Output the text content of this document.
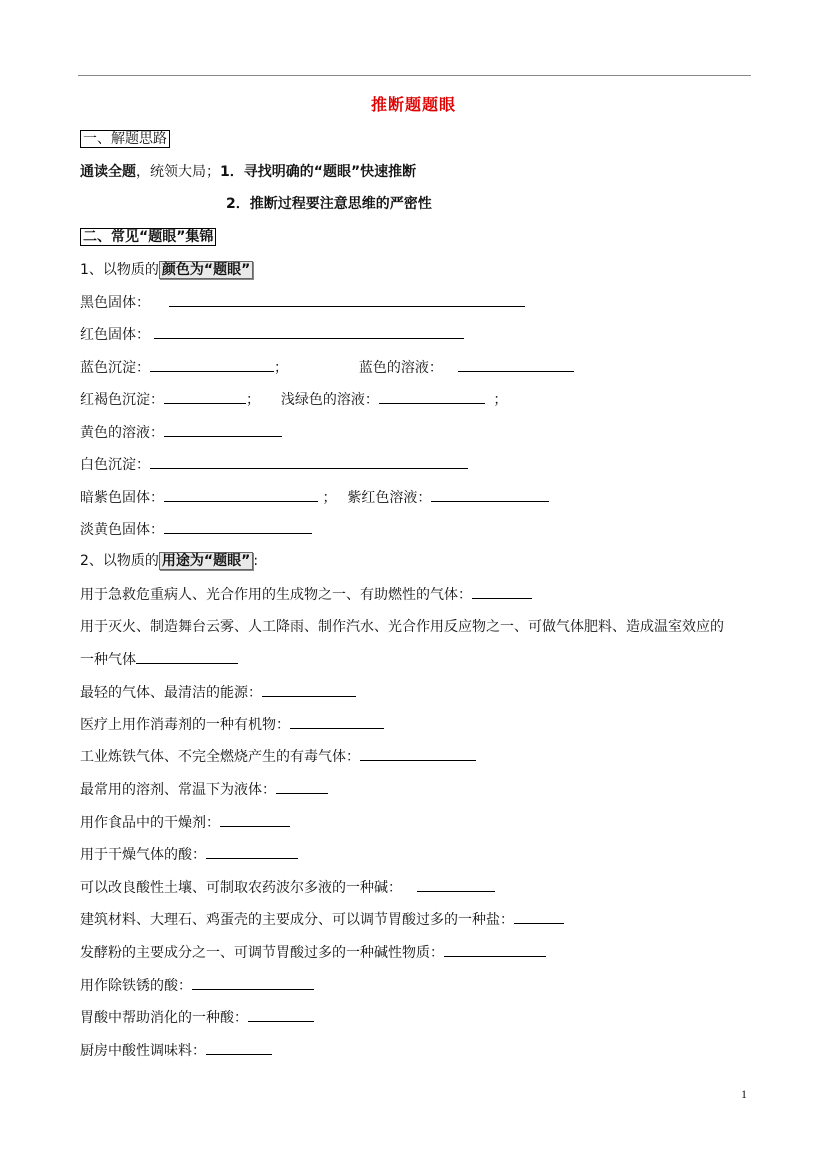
推断题题眼
一、解题思路
通读全题，统领大局；1．寻找明确的“题眼”快速推断
2．推断过程要注意思维的严密性
二、常见“题眼”集锦
1、以物质的 颜色为“题眼”
黑色固体：
红色固体：
蓝色沉淀：	；	蓝色的溶液：
红褐色沉淀：	； 浅绿色的溶液：	；
黄色的溶液：
白色沉淀：
暗紫色固体：	； 紫红色溶液：
淡黄色固体：
2、以物质的 用途为“题眼” :
用于急救危重病人、光合作用的生成物之一、有助燃性的气体：
用于灭火、制造舞台云雾、人工降雨、制作汽水、光合作用反应物之一、可做气体肥料、造成温室效应的
一种气体
最轻的气体、最清洁的能源：
医疗上用作消毒剂的一种有机物：
工业炼铁气体、不完全燃烧产生的有毒气体：
最常用的溶剂、常温下为液体：
用作食品中的干燥剂：
用于干燥气体的酸：
可以改良酸性土壤、可制取农药波尔多液的一种碱：
建筑材料、大理石、鸡蛋壳的主要成分、可以调节胃酸过多的一种盐：
发酵粉的主要成分之一、可调节胃酸过多的一种碱性物质：
用作除铁锈的酸：
胃酸中帮助消化的一种酸：
厨房中酸性调味料：
1
